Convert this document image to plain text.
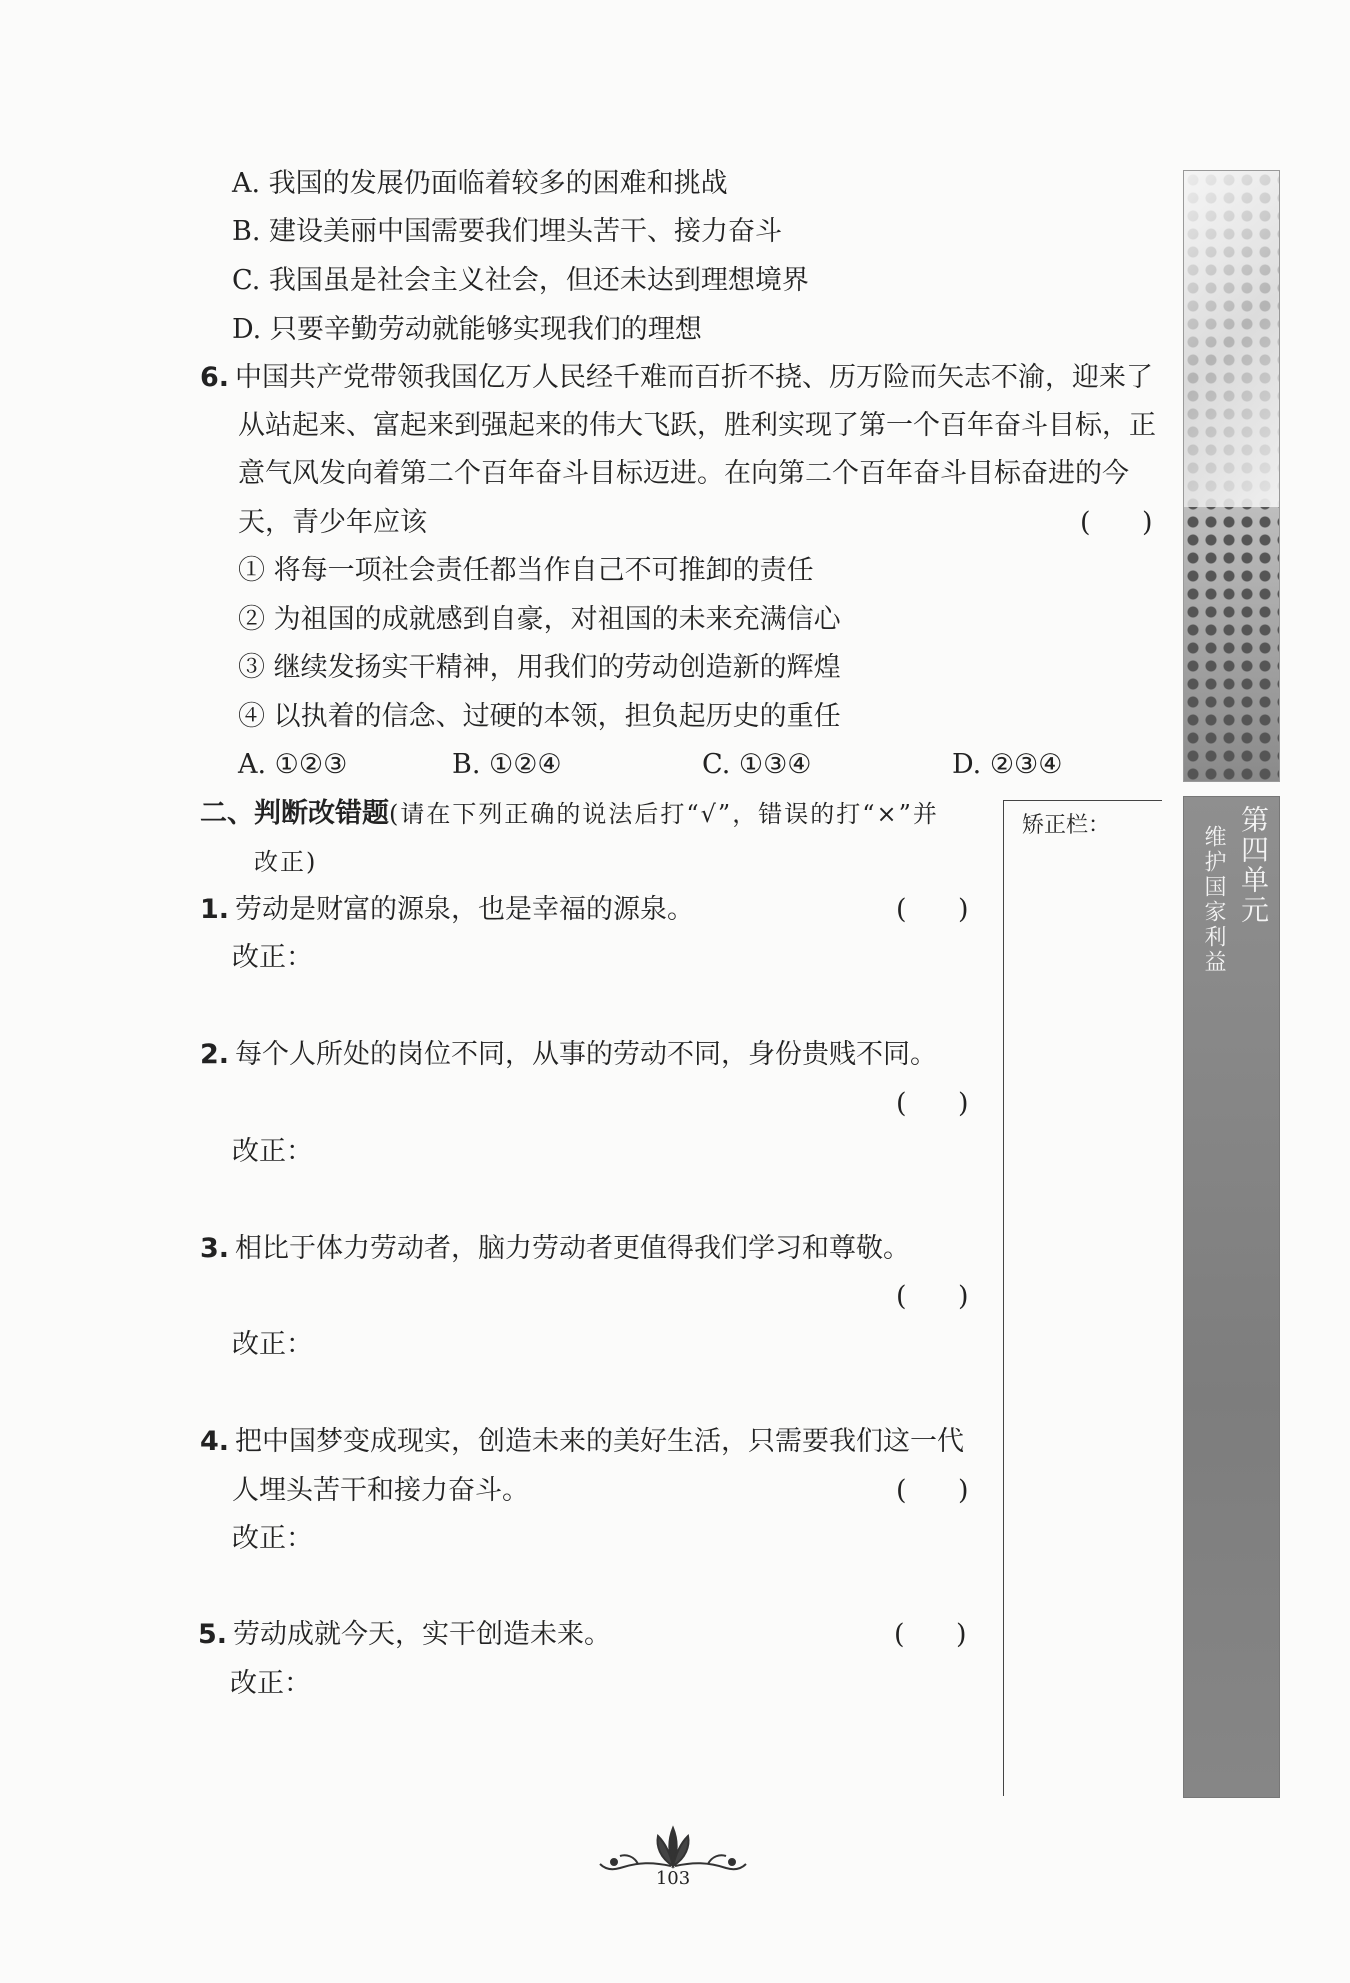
A. 我国的发展仍面临着较多的困难和挑战
B. 建设美丽中国需要我们埋头苦干、接力奋斗
C. 我国虽是社会主义社会，但还未达到理想境界
D. 只要辛勤劳动就能够实现我们的理想
6. 中国共产党带领我国亿万人民经千难而百折不挠、历万险而矢志不渝，迎来了
从站起来、富起来到强起来的伟大飞跃，胜利实现了第一个百年奋斗目标，正
意气风发向着第二个百年奋斗目标迈进。在向第二个百年奋斗目标奋进的今
天，青少年应该	(      )
① 将每一项社会责任都当作自己不可推卸的责任
② 为祖国的成就感到自豪，对祖国的未来充满信心
③ 继续发扬实干精神，用我们的劳动创造新的辉煌
④ 以执着的信念、过硬的本领，担负起历史的重任
A. ①②③	B. ①②④	C. ①③④	D. ②③④
二、判断改错题(请在下列正确的说法后打“√”，错误的打“×”并
改正)
1. 劳动是财富的源泉，也是幸福的源泉。	(      )
改正：
2. 每个人所处的岗位不同，从事的劳动不同，身份贵贱不同。
(      )
改正：
3. 相比于体力劳动者，脑力劳动者更值得我们学习和尊敬。
(      )
改正：
4. 把中国梦变成现实，创造未来的美好生活，只需要我们这一代
人埋头苦干和接力奋斗。	(      )
改正：
5. 劳动成就今天，实干创造未来。	(      )
改正：
矫正栏：	第四单元
维护国家利益
103
